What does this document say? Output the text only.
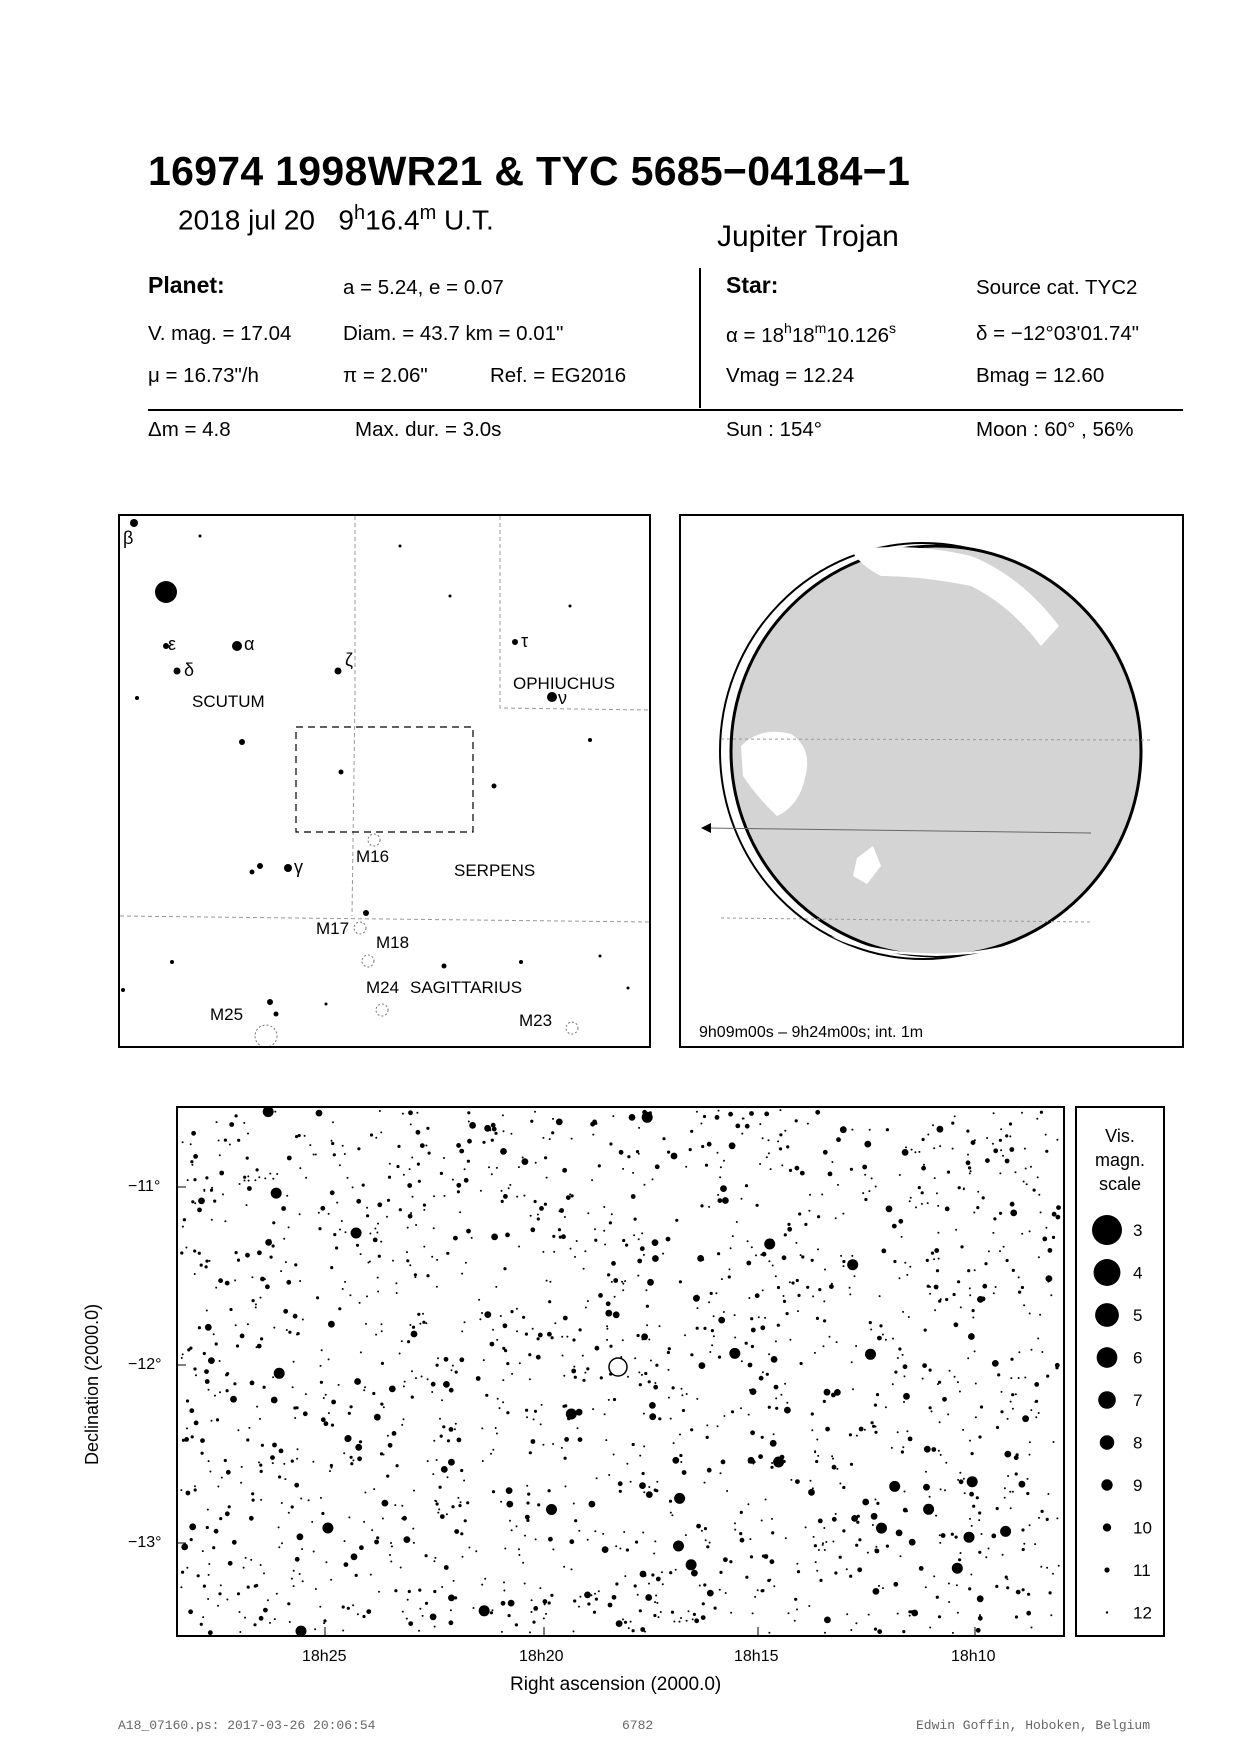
16974 1998WR21 & TYC 5685−04184−1
2018 jul 20 9$^h$16.4$^m$ U.T.
Jupiter Trojan
Planet:	a = 5.24, e = 0.07
V. mag. = 17.04	Diam. = 43.7 km = 0.01"
μ = 16.73"/h	π = 2.06"	Ref. = EG2016
Δm = 4.8	Max. dur. = 3.0s
Star:	Source cat. TYC2
$\alpha = 18^h18^m10.126^s$	δ = −12°03'01.74"
Vmag = 12.24	Bmag = 12.60
Sun : 154°	Moon : 60° , 56%
β
ε	α
δ	ζ
τ
ν
γ
SCUTUM
OPHIUCHUS
SERPENS
SAGITTARIUS
M16
M17
M18
M24
M25	M23
9h09m00s – 9h24m00s; int. 1m
−11°
−12°
−13°
18h25	18h20	18h15	18h10
Right ascension (2000.0)
Declination (2000.0)
Vis.
magn.
scale
3
4
5
6
7
8
9
10
11
12
A18_07160.ps: 2017-03-26 20:06:54	6782	Edwin Goffin, Hoboken, Belgium
